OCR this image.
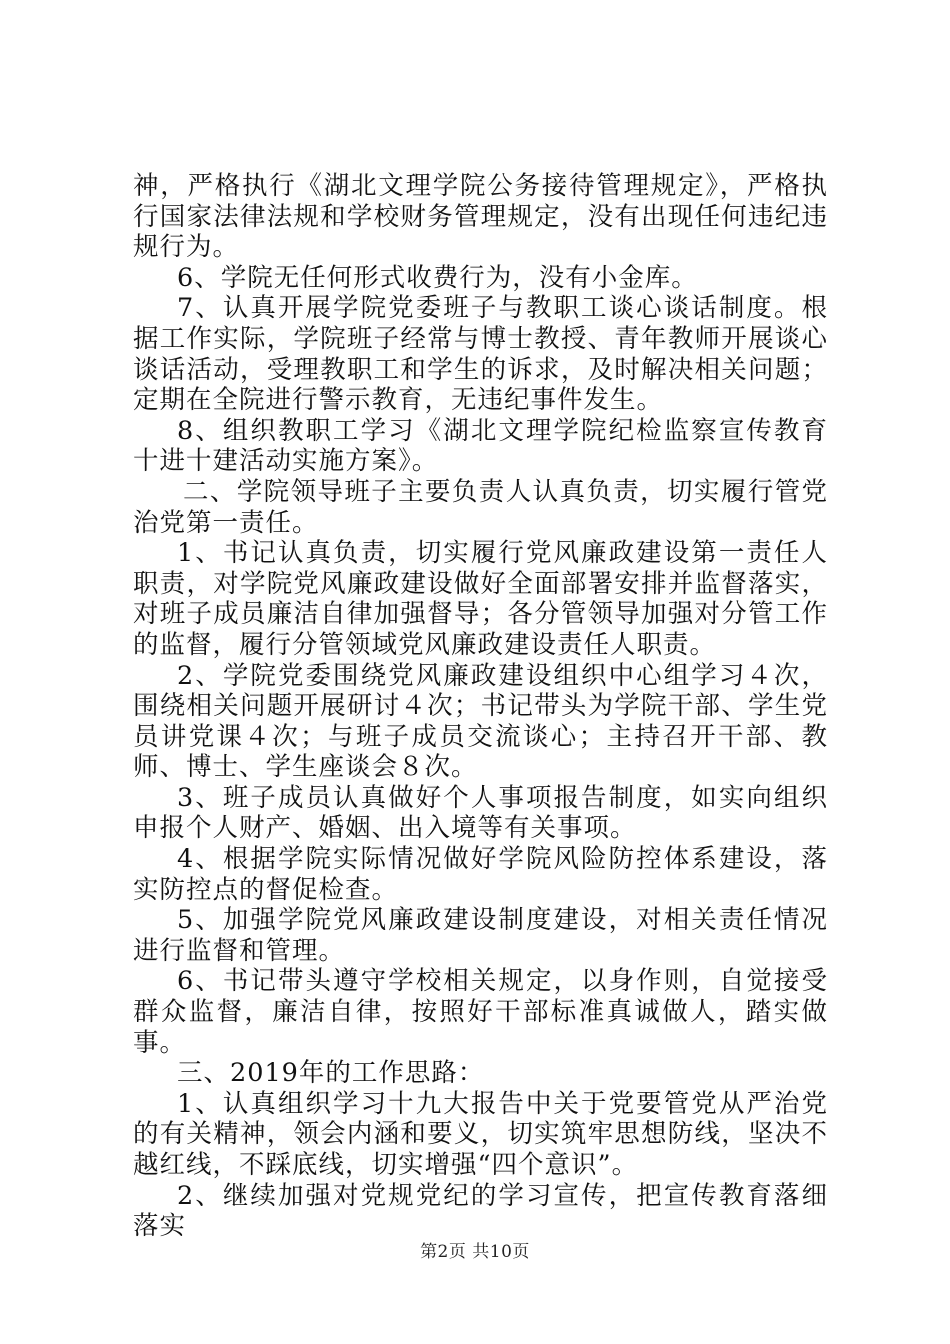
神，严格执行《湖北文理学院公务接待管理规定》，严格执行国家法律法规和学校财务管理规定，没有出现任何违纪违规行为。

6、学院无任何形式收费行为，没有小金库。

7、认真开展学院党委班子与教职工谈心谈话制度。根据工作实际，学院班子经常与博士教授、青年教师开展谈心谈话活动，受理教职工和学生的诉求，及时解决相关问题；定期在全院进行警示教育，无违纪事件发生。

8、组织教职工学习《湖北文理学院纪检监察宣传教育十进十建活动实施方案》。

二、学院领导班子主要负责人认真负责，切实履行管党治党第一责任。

1、书记认真负责，切实履行党风廉政建设第一责任人职责，对学院党风廉政建设做好全面部署安排并监督落实，对班子成员廉洁自律加强督导；各分管领导加强对分管工作的监督，履行分管领域党风廉政建设责任人职责。

2、学院党委围绕党风廉政建设组织中心组学习４次，围绕相关问题开展研讨４次；书记带头为学院干部、学生党员讲党课４次；与班子成员交流谈心；主持召开干部、教师、博士、学生座谈会８次。

3、班子成员认真做好个人事项报告制度，如实向组织申报个人财产、婚姻、出入境等有关事项。

4、根据学院实际情况做好学院风险防控体系建设，落实防控点的督促检查。

5、加强学院党风廉政建设制度建设，对相关责任情况进行监督和管理。

6、书记带头遵守学校相关规定，以身作则，自觉接受群众监督，廉洁自律，按照好干部标准真诚做人，踏实做事。

三、2019年的工作思路：

1、认真组织学习十九大报告中关于党要管党从严治党的有关精神，领会内涵和要义，切实筑牢思想防线，坚决不越红线，不踩底线，切实增强“四个意识”。

2、继续加强对党规党纪的学习宣传，把宣传教育落细落实

第2页 共10页
